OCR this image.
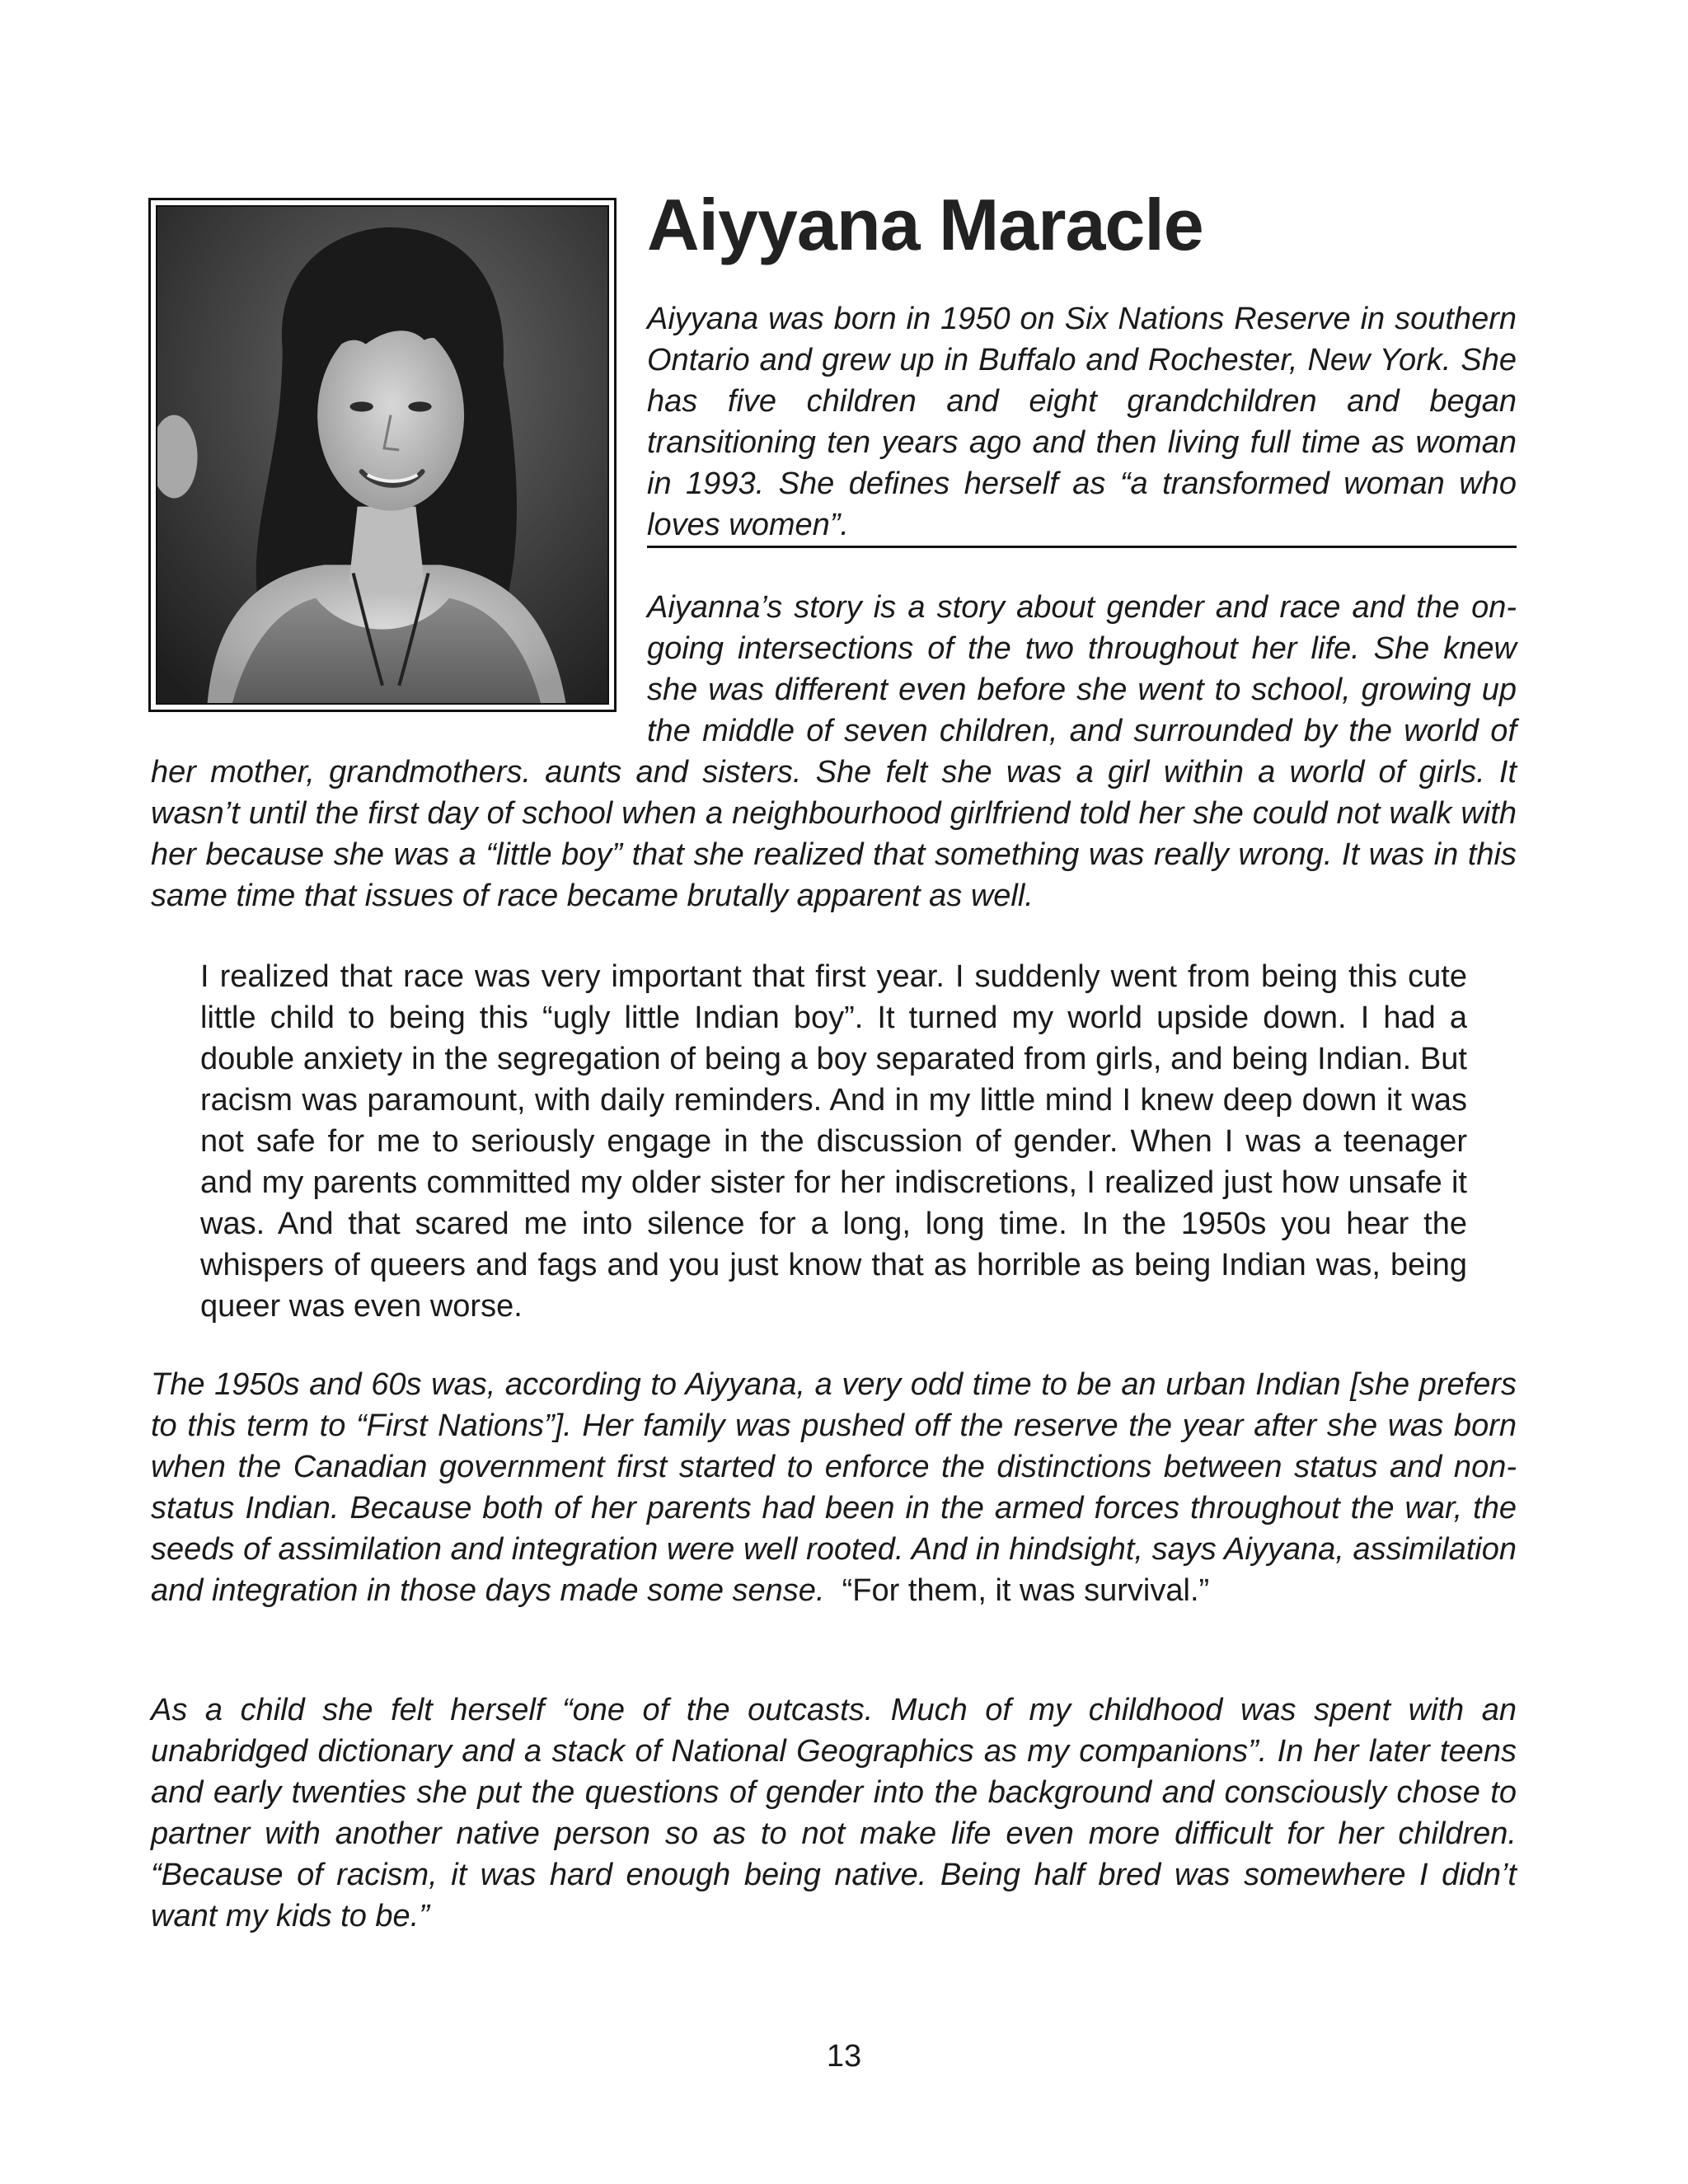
Aiyyana Maracle

Aiyyana was born in 1950 on Six Nations Reserve in southern Ontario and grew up in Buffalo and Rochester, New York. She has five children and eight grandchildren and began transitioning ten years ago and then living full time as woman in 1993. She defines herself as “a transformed woman who loves women”.

Aiyanna’s story is a story about gender and race and the on-going intersections of the two throughout her life. She knew she was different even before she went to school, growing up the middle of seven children, and surrounded by the world of her mother, grandmothers. aunts and sisters. She felt she was a girl within a world of girls. It wasn’t until the first day of school when a neighbourhood girlfriend told her she could not walk with her because she was a “little boy” that she realized that something was really wrong. It was in this same time that issues of race became brutally apparent as well.

I realized that race was very important that first year. I suddenly went from being this cute little child to being this “ugly little Indian boy”. It turned my world upside down. I had a double anxiety in the segregation of being a boy separated from girls, and being Indian. But racism was paramount, with daily reminders. And in my little mind I knew deep down it was not safe for me to seriously engage in the discussion of gender. When I was a teenager and my parents committed my older sister for her indiscretions, I realized just how unsafe it was. And that scared me into silence for a long, long time. In the 1950s you hear the whispers of queers and fags and you just know that as horrible as being Indian was, being queer was even worse.

The 1950s and 60s was, according to Aiyyana, a very odd time to be an urban Indian [she prefers to this term to “First Nations”]. Her family was pushed off the reserve the year after she was born when the Canadian government first started to enforce the distinctions between status and non-status Indian. Because both of her parents had been in the armed forces throughout the war, the seeds of assimilation and integration were well rooted. And in hindsight, says Aiyyana, assimilation and integration in those days made some sense. “For them, it was survival.”

As a child she felt herself “one of the outcasts. Much of my childhood was spent with an unabridged dictionary and a stack of National Geographics as my companions”. In her later teens and early twenties she put the questions of gender into the background and consciously chose to partner with another native person so as to not make life even more difficult for her children. “Because of racism, it was hard enough being native. Being half bred was somewhere I didn’t want my kids to be.”

13
